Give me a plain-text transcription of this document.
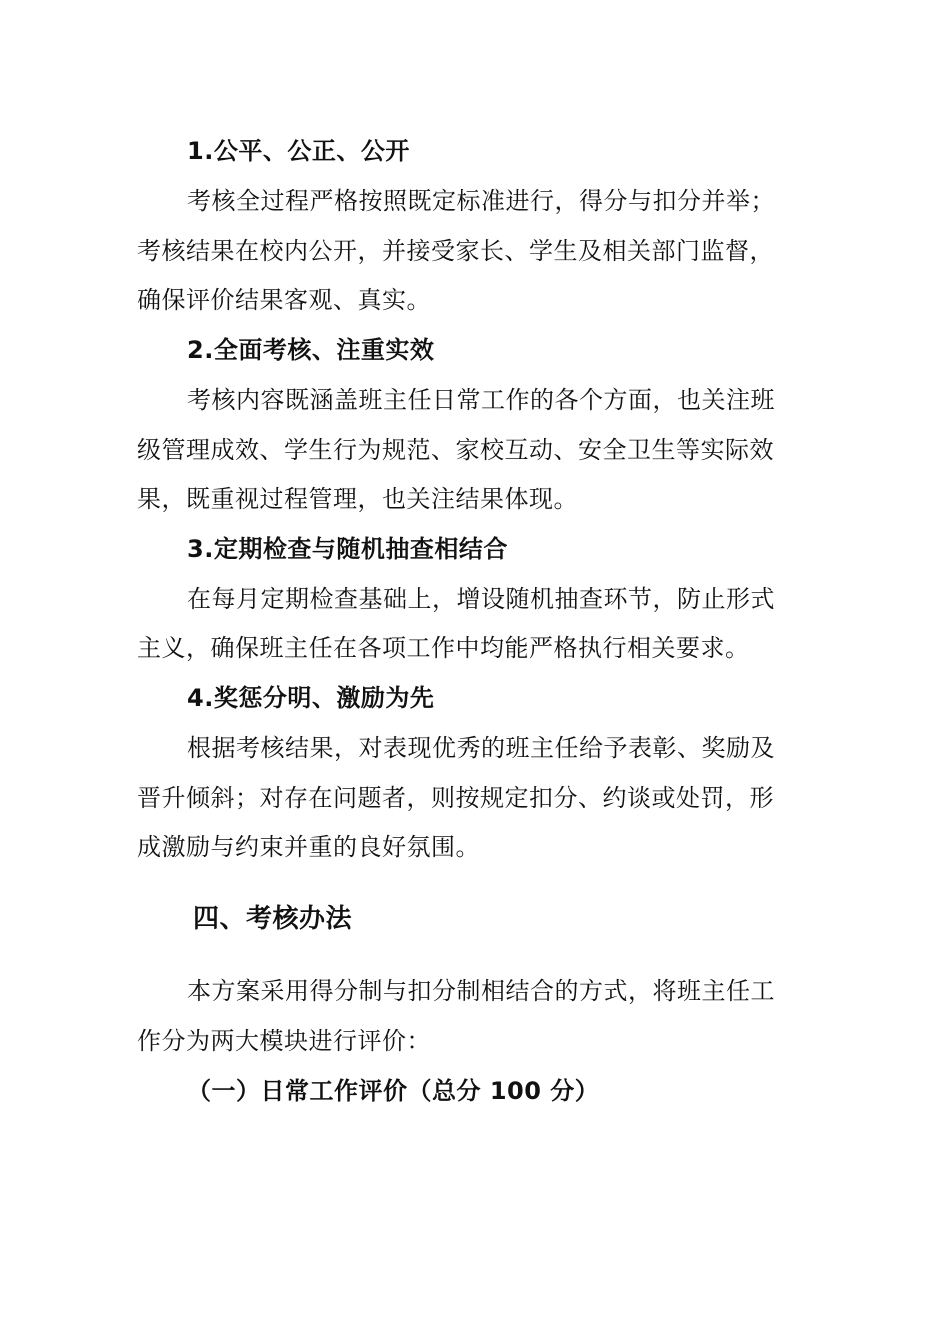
1.公平、公正、公开
考核全过程严格按照既定标准进行，得分与扣分并举；
考核结果在校内公开，并接受家长、学生及相关部门监督，
确保评价结果客观、真实。
2.全面考核、注重实效
考核内容既涵盖班主任日常工作的各个方面，也关注班
级管理成效、学生行为规范、家校互动、安全卫生等实际效
果，既重视过程管理，也关注结果体现。
3.定期检查与随机抽查相结合
在每月定期检查基础上，增设随机抽查环节，防止形式
主义，确保班主任在各项工作中均能严格执行相关要求。
4.奖惩分明、激励为先
根据考核结果，对表现优秀的班主任给予表彰、奖励及
晋升倾斜；对存在问题者，则按规定扣分、约谈或处罚，形
成激励与约束并重的良好氛围。
四、考核办法
本方案采用得分制与扣分制相结合的方式，将班主任工
作分为两大模块进行评价：
（一）日常工作评价（总分 100 分）
